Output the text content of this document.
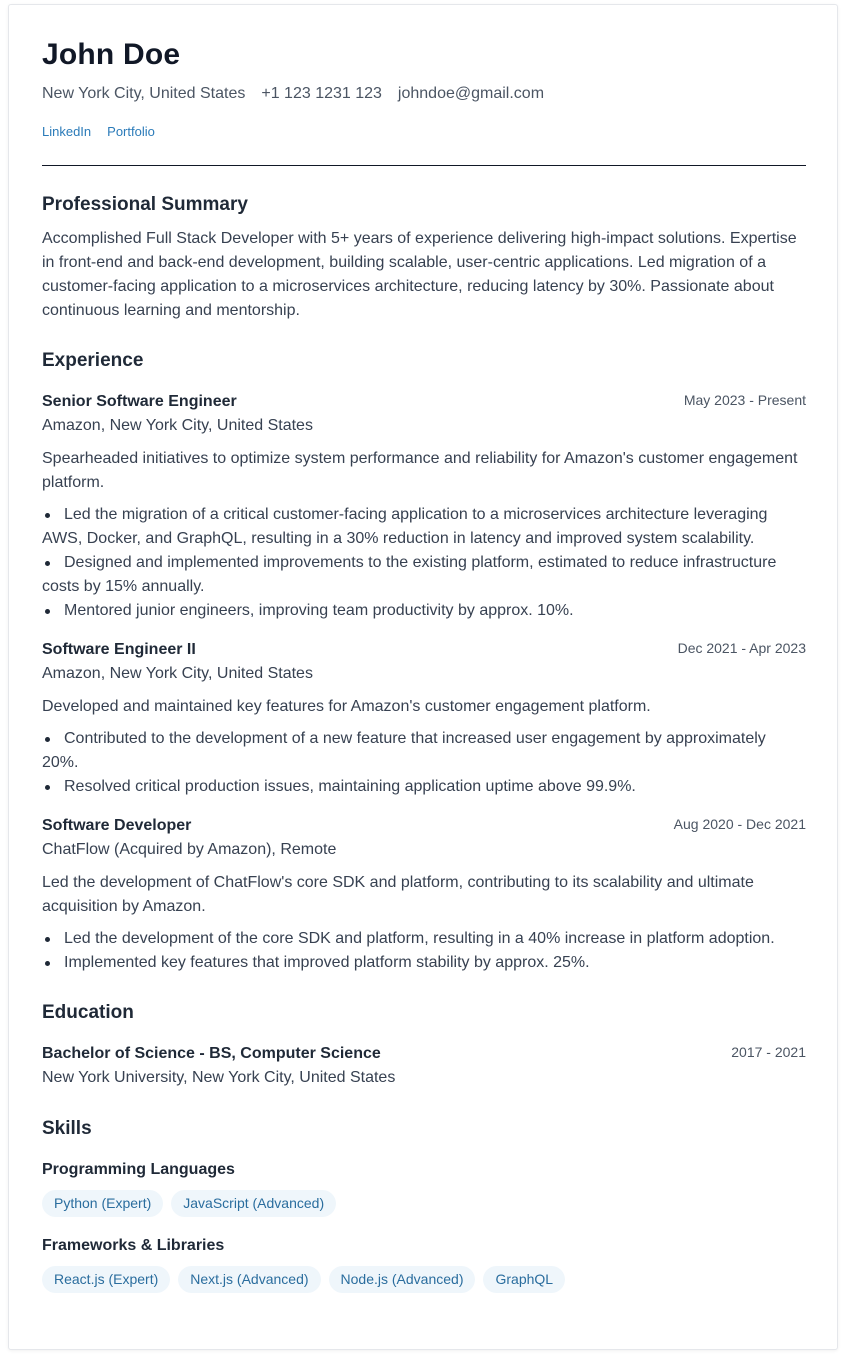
John Doe
New York City, United States +1 123 1231 123 johndoe@gmail.com
LinkedIn Portfolio
Professional Summary
Accomplished Full Stack Developer with 5+ years of experience delivering high-impact solutions. Expertise in front-end and back-end development, building scalable, user-centric applications. Led migration of a customer-facing application to a microservices architecture, reducing latency by 30%. Passionate about continuous learning and mentorship.
Experience
Senior Software Engineer	May 2023 - Present
Amazon, New York City, United States
Spearheaded initiatives to optimize system performance and reliability for Amazon's customer engagement platform.
Led the migration of a critical customer-facing application to a microservices architecture leveraging AWS, Docker, and GraphQL, resulting in a 30% reduction in latency and improved system scalability.
Designed and implemented improvements to the existing platform, estimated to reduce infrastructure costs by 15% annually.
Mentored junior engineers, improving team productivity by approx. 10%.
Software Engineer II	Dec 2021 - Apr 2023
Amazon, New York City, United States
Developed and maintained key features for Amazon's customer engagement platform.
Contributed to the development of a new feature that increased user engagement by approximately 20%.
Resolved critical production issues, maintaining application uptime above 99.9%.
Software Developer	Aug 2020 - Dec 2021
ChatFlow (Acquired by Amazon), Remote
Led the development of ChatFlow's core SDK and platform, contributing to its scalability and ultimate acquisition by Amazon.
Led the development of the core SDK and platform, resulting in a 40% increase in platform adoption.
Implemented key features that improved platform stability by approx. 25%.
Education
Bachelor of Science - BS, Computer Science	2017 - 2021
New York University, New York City, United States
Skills
Programming Languages
Python (Expert)	JavaScript (Advanced)
Frameworks & Libraries
React.js (Expert)	Next.js (Advanced)	Node.js (Advanced)	GraphQL
